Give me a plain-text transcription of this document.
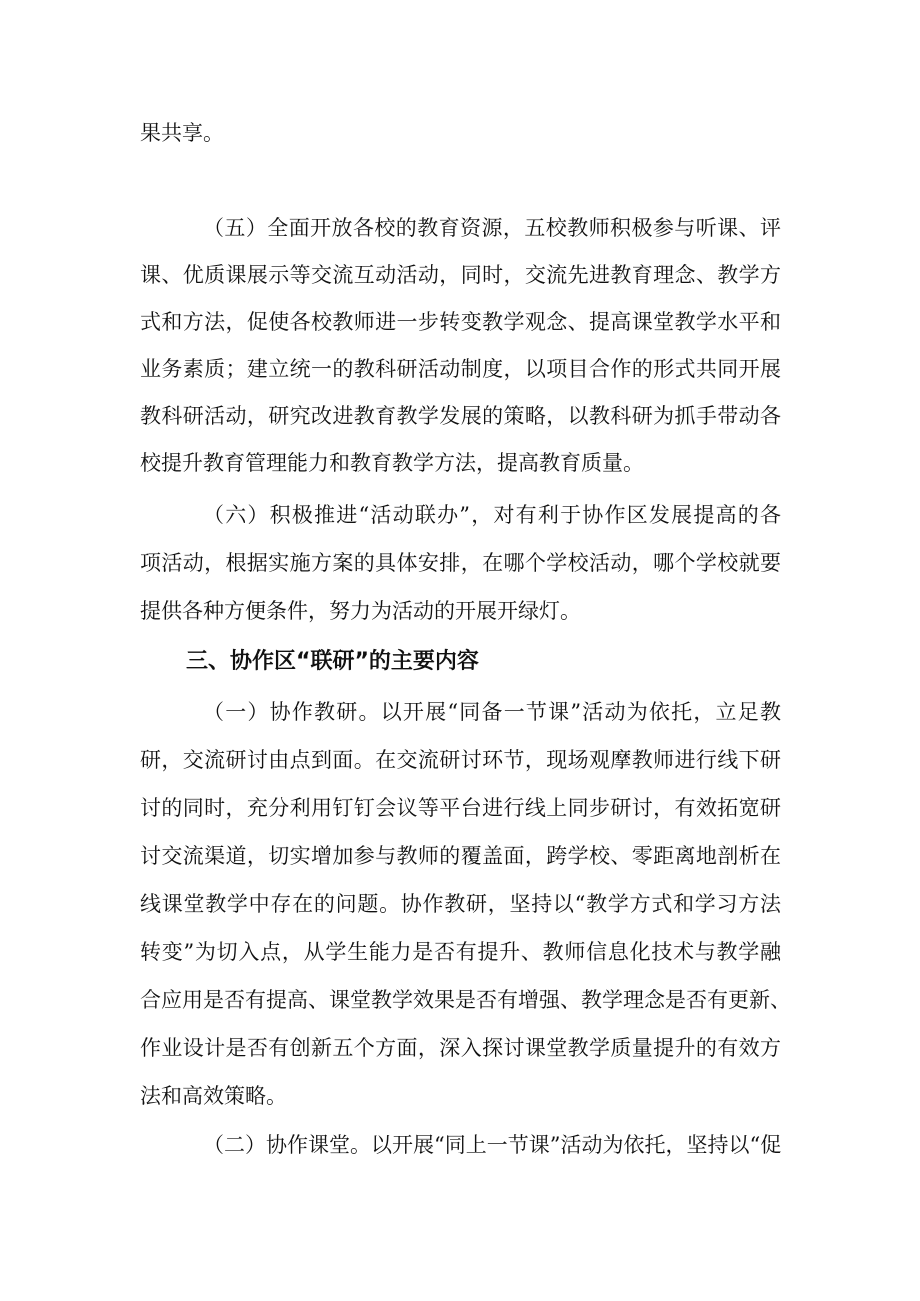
果共享。
（五）全面开放各校的教育资源，五校教师积极参与听课、评
课、优质课展示等交流互动活动，同时，交流先进教育理念、教学方
式和方法，促使各校教师进一步转变教学观念、提高课堂教学水平和
业务素质；建立统一的教科研活动制度，以项目合作的形式共同开展
教科研活动，研究改进教育教学发展的策略，以教科研为抓手带动各
校提升教育管理能力和教育教学方法，提高教育质量。
（六）积极推进“活动联办”，对有利于协作区发展提高的各
项活动，根据实施方案的具体安排，在哪个学校活动，哪个学校就要
提供各种方便条件，努力为活动的开展开绿灯。
三、协作区“联研”的主要内容
（一）协作教研。以开展“同备一节课”活动为依托，立足教
研，交流研讨由点到面。在交流研讨环节，现场观摩教师进行线下研
讨的同时，充分利用钉钉会议等平台进行线上同步研讨，有效拓宽研
讨交流渠道，切实增加参与教师的覆盖面，跨学校、零距离地剖析在
线课堂教学中存在的问题。协作教研，坚持以“教学方式和学习方法
转变”为切入点，从学生能力是否有提升、教师信息化技术与教学融
合应用是否有提高、课堂教学效果是否有增强、教学理念是否有更新、
作业设计是否有创新五个方面，深入探讨课堂教学质量提升的有效方
法和高效策略。
（二）协作课堂。以开展“同上一节课”活动为依托，坚持以“促
